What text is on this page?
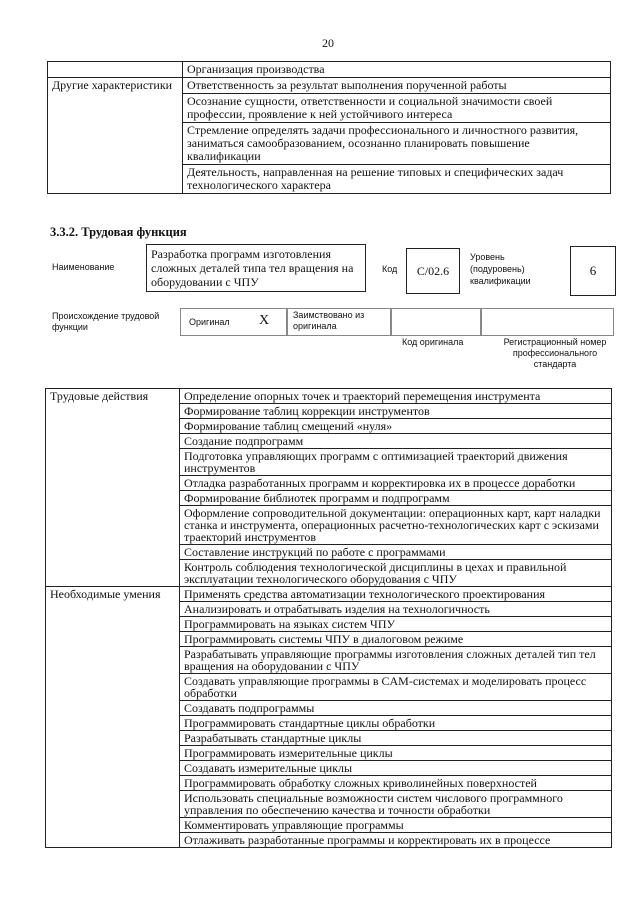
20
	Организация производства
Другие характеристики	Ответственность за результат выполнения порученной работы
	Осознание сущности, ответственности и социальной значимости своей профессии, проявление к ней устойчивого интереса
	Стремление определять задачи профессионального и личностного развития, заниматься самообразованием, осознанно планировать повышение квалификации
	Деятельность, направленная на решение типовых и специфических задач технологического характера
3.3.2. Трудовая функция
Наименование
Разработка программ изготовления сложных деталей типа тел вращения на оборудовании с ЧПУ
Код C/02.6
Уровень (подуровень) квалификации
6
Происхождение трудовой функции	Оригинал X	Заимствовано из оригинала
Код оригинала	Регистрационный номер профессионального стандарта
Трудовые действия	Определение опорных точек и траекторий перемещения инструмента
	Формирование таблиц коррекции инструментов
	Формирование таблиц смещений «нуля»
	Создание подпрограмм
	Подготовка управляющих программ с оптимизацией траекторий движения инструментов
	Отладка разработанных программ и корректировка их в процессе доработки
	Формирование библиотек программ и подпрограмм
	Оформление сопроводительной документации: операционных карт, карт наладки станка и инструмента, операционных расчетно-технологических карт с эскизами траекторий инструментов
	Составление инструкций по работе с программами
	Контроль соблюдения технологической дисциплины в цехах и правильной эксплуатации технологического оборудования с ЧПУ
Необходимые умения	Применять средства автоматизации технологического проектирования
	Анализировать и отрабатывать изделия на технологичность
	Программировать на языках систем ЧПУ
	Программировать системы ЧПУ в диалоговом режиме
	Разрабатывать управляющие программы изготовления сложных деталей тип тел вращения на оборудовании с ЧПУ
	Создавать управляющие программы в CAM-системах и моделировать процесс обработки
	Создавать подпрограммы
	Программировать стандартные циклы обработки
	Разрабатывать стандартные циклы
	Программировать измерительные циклы
	Создавать измерительные циклы
	Программировать обработку сложных криволинейных поверхностей
	Использовать специальные возможности систем числового программного управления по обеспечению качества и точности обработки
	Комментировать управляющие программы
	Отлаживать разработанные программы и корректировать их в процессе
